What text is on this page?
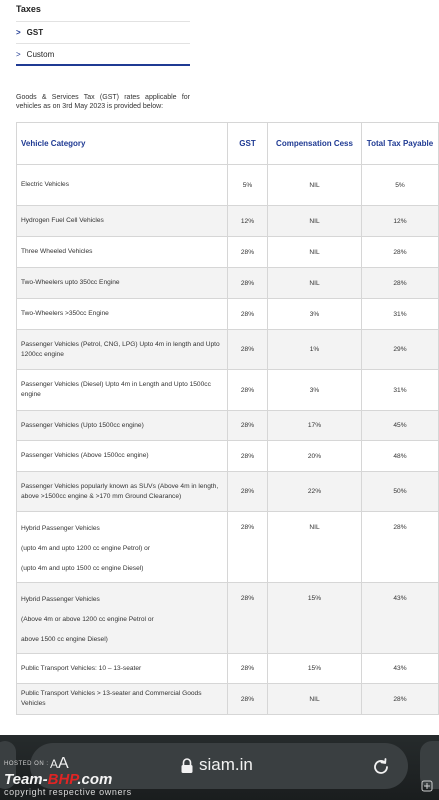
Taxes
> GST
> Custom
Goods & Services Tax (GST) rates applicable for vehicles as on 3rd May 2023 is provided below:
Vehicle Category	GST	Compensation Cess	Total Tax Payable

Electric Vehicles	5%	NIL	5%

Hydrogen Fuel Cell Vehicles	12%	NIL	12%

Three Wheeled Vehicles	28%	NIL	28%

Two-Wheelers upto 350cc Engine	28%	NIL	28%

Two-Wheelers >350cc Engine	28%	3%	31%

Passenger Vehicles (Petrol, CNG, LPG) Upto 4m in length and Upto 1200cc engine	28%	1%	29%

Passenger Vehicles (Diesel) Upto 4m in Length and Upto 1500cc engine	28%	3%	31%

Passenger Vehicles (Upto 1500cc engine)	28%	17%	45%

Passenger Vehicles (Above 1500cc engine)	28%	20%	48%

Passenger Vehicles popularly known as SUVs (Above 4m in length, above >1500cc engine & >170 mm Ground Clearance)	28%	22%	50%

Hybrid Passenger Vehicles
(upto 4m and upto 1200 cc engine Petrol) or
(upto 4m and upto 1500 cc engine Diesel)	28%	NIL	28%

Hybrid Passenger Vehicles
(Above 4m or above 1200 cc engine Petrol or
above 1500 cc engine Diesel)	28%	15%	43%

Public Transport Vehicles: 10 – 13-seater	28%	15%	43%

Public Transport Vehicles > 13-seater and Commercial Goods Vehicles	28%	NIL	28%
AA	siam.in
HOSTED ON :
Team-BHP.com
copyright respective owners
